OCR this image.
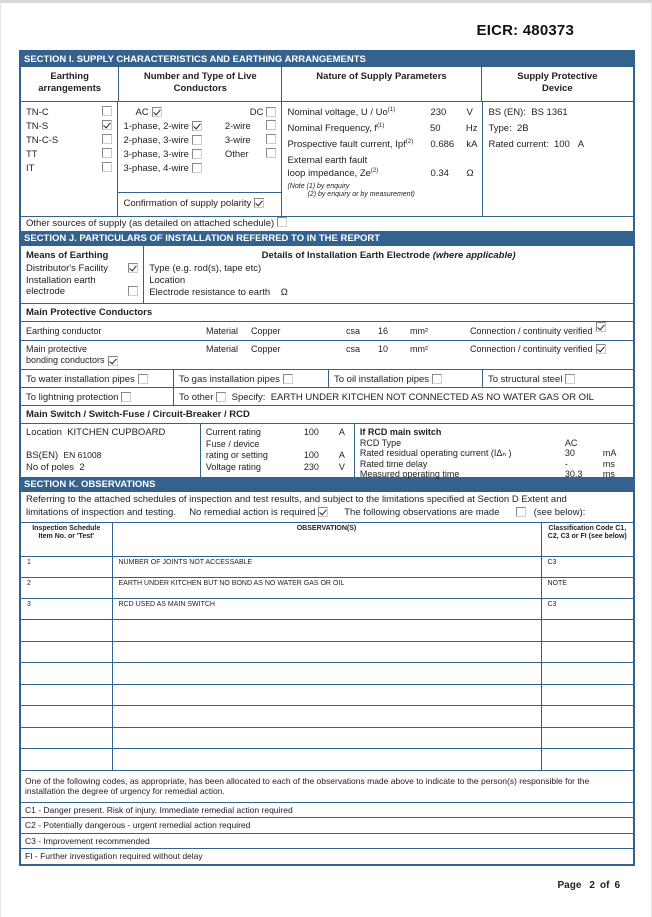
EICR: 480373
SECTION I. SUPPLY CHARACTERISTICS AND EARTHING ARRANGEMENTS
Earthing arrangements
Number and Type of Live Conductors
Nature of Supply Parameters	Supply Protective Device
TN-C
TN-S
TN-C-S
TT
IT
AC
1-phase, 2-wire
2-phase, 3-wire
3-phase, 3-wire
3-phase, 4-wire
DC
2-wire
3-wire
Other
Confirmation of supply polarity
Nominal voltage, U / Uo$^{(1)}$	230	V
Nominal Frequency, $f^{(1)}$	50	Hz
Prospective fault current, Ipf$^{(2)}$	0.686	kA
External earth fault
loop impedance, Ze$^{(2)}$	0.34	Ω
(Note (1) by enquiry
(2) by enquiry or by measurement)
BS (EN): BS 1361
Type: 2B
Rated current: 100 A
Other sources of supply (as detailed on attached schedule)
SECTION J. PARTICULARS OF INSTALLATION REFERRED TO IN THE REPORT
Means of Earthing
Distributor's Facility
Installation earth
electrode
Details of Installation Earth Electrode (where applicable)
Type (e.g. rod(s), tape etc)
Location
Electrode resistance to earth Ω
Main Protective Conductors
Earthing conductor	Material	Copper	csa	16	mm²	Connection / continuity verified
Main protective
bonding conductors
Material	Copper	csa	10	mm²	Connection / continuity verified
To water installation pipes	To gas installation pipes	To oil installation pipes	To structural steel
To lightning protection	To other Specify: EARTH UNDER KITCHEN NOT CONNECTED AS NO WATER GAS OR OIL
Main Switch / Switch-Fuse / Circuit-Breaker / RCD
Location KITCHEN CUPBOARD
BS(EN) EN 61008
No of poles 2
Current rating	100	A
Fuse / device
rating or setting	100	A
Voltage rating	230	V
If RCD main switch
RCD Type	AC
Rated residual operating current (IΔₙ )	30	mA
Rated time delay	-	ms
Measured operating time	30.3	ms
SECTION K. OBSERVATIONS
Referring to the attached schedules of inspection and test results, and subject to the limitations specified at Section D Extent and
limitations of inspection and testing. No remedial action is required	The following observations are made	(see below):
Inspection Schedule Item No. or 'Test'	OBSERVATION(S)	Classification Code C1, C2, C3 or FI (see below)
1	NUMBER OF JOINTS NOT ACCESSABLE	C3
2	EARTH UNDER KITCHEN BUT NO BOND AS NO WATER GAS OR OIL	NOTE
3	RCD USED AS MAIN SWITCH	C3

One of the following codes, as appropriate, has been allocated to each of the observations made above to indicate to the person(s) responsible for the installation the degree of urgency for remedial action.
C1 - Danger present. Risk of injury. Immediate remedial action required
C2 - Potentially dangerous - urgent remedial action required
C3 - Improvement recommended
FI - Further investigation required without delay
Page 2 of 6
